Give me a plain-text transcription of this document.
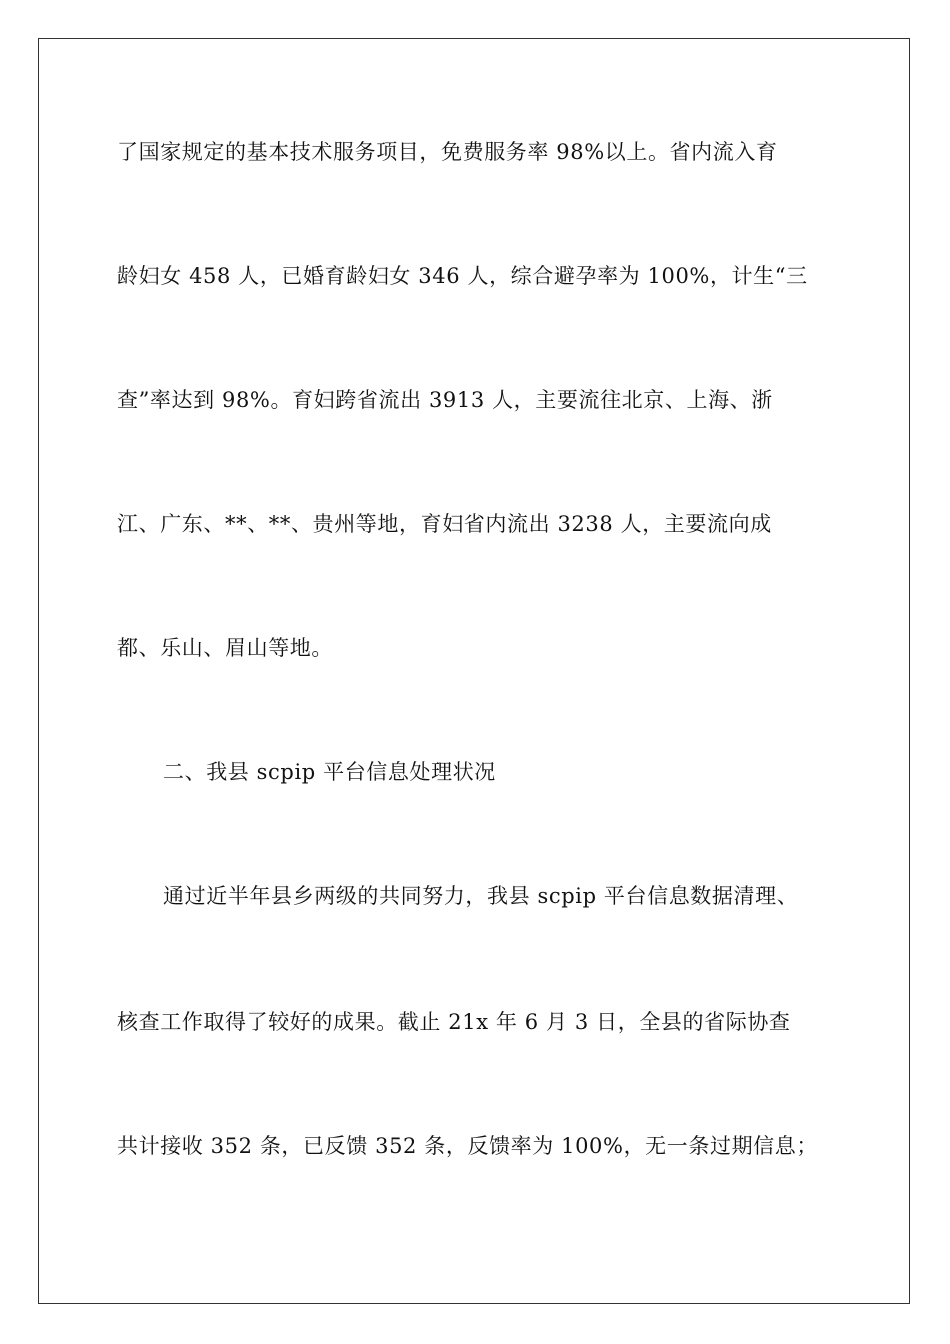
了国家规定的基本技术服务项目，免费服务率 98%以上。省内流入育
龄妇女 458 人，已婚育龄妇女 346 人，综合避孕率为 100%，计生“三
查”率达到 98%。育妇跨省流出 3913 人，主要流往北京、上海、浙
江、广东、**、**、贵州等地，育妇省内流出 3238 人，主要流向成
都、乐山、眉山等地。
二、我县 scpip 平台信息处理状况
通过近半年县乡两级的共同努力，我县 scpip 平台信息数据清理、
核查工作取得了较好的成果。截止 21x 年 6 月 3 日，全县的省际协查
共计接收 352 条，已反馈 352 条，反馈率为 100%，无一条过期信息；
